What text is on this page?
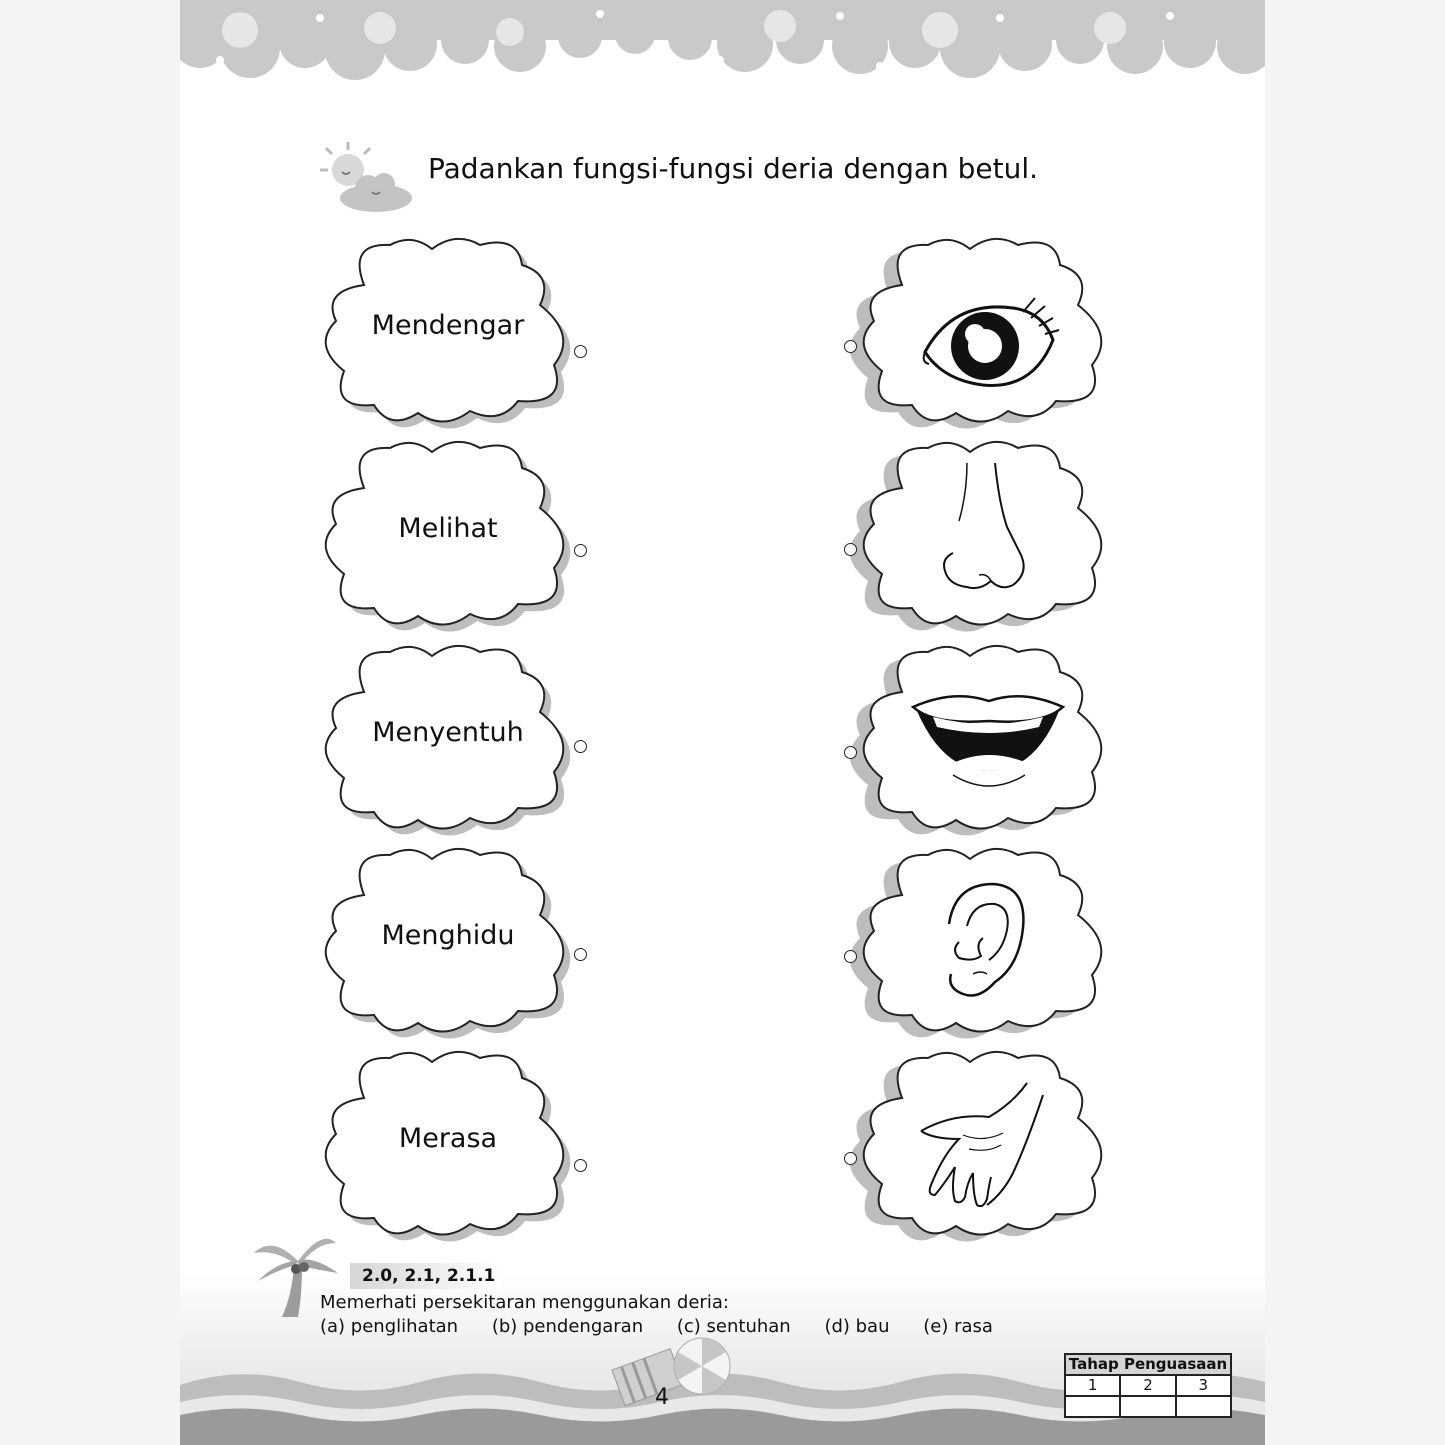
Padankan fungsi-fungsi deria dengan betul.
Mendengar
Melihat
Menyentuh
Menghidu
Merasa
2.0, 2.1, 2.1.1
Memerhati persekitaran menggunakan deria:
(a) penglihatan (b) pendengaran (c) sentuhan (d) bau (e) rasa
4
Tahap Penguasaan
1	2	3
